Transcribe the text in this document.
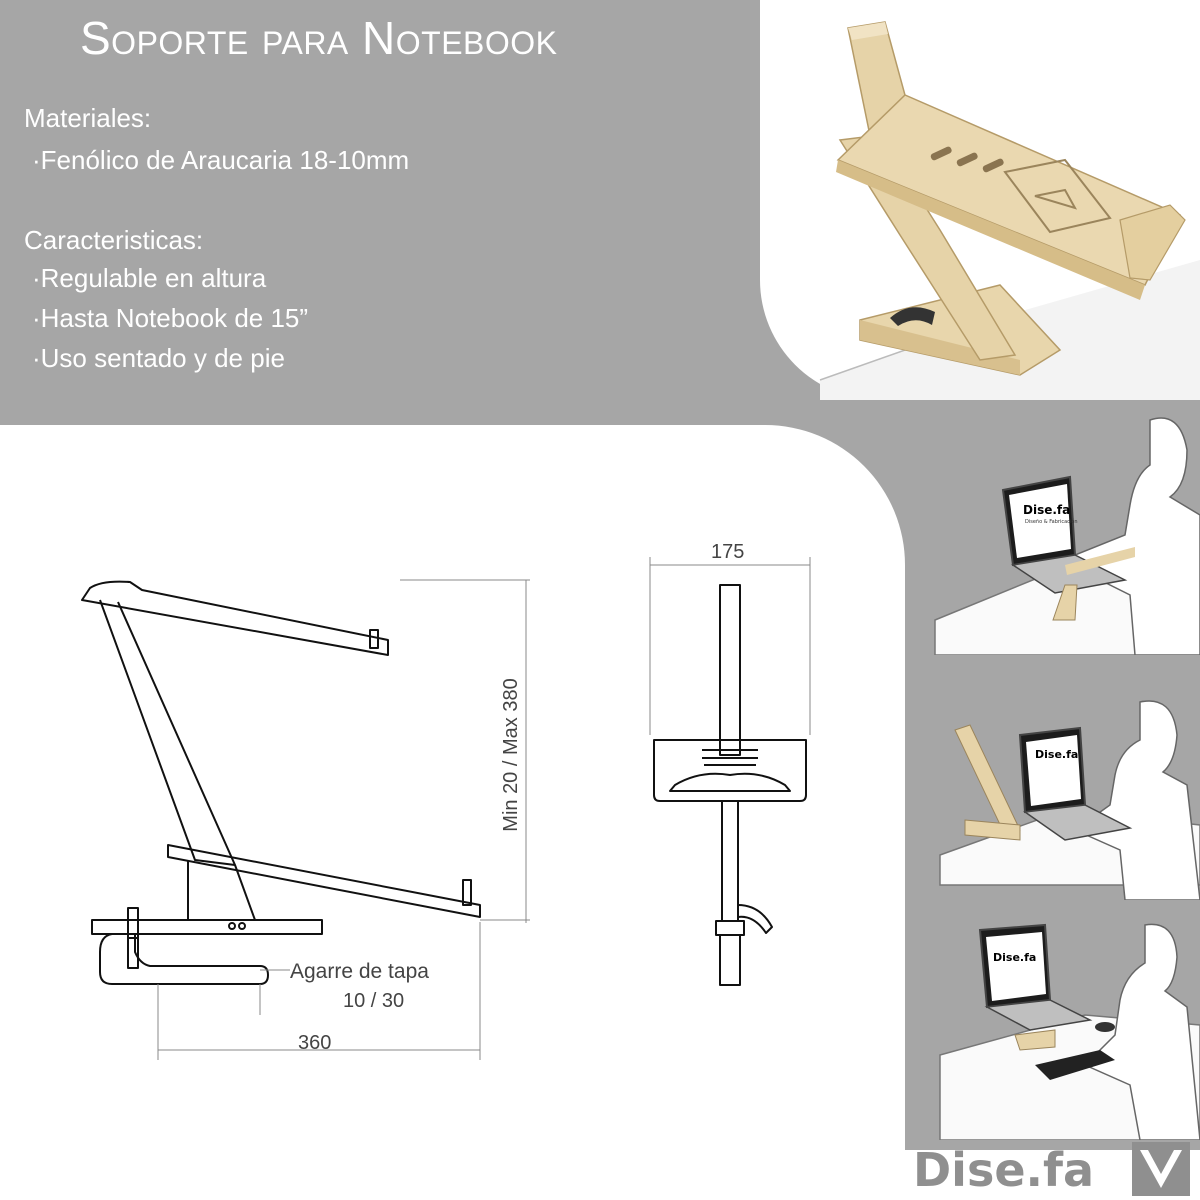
Soporte para Notebook
Materiales:
·Fenólico de Araucaria 18-10mm
Caracteristicas:
·Regulable en altura
·Hasta Notebook de 15”
·Uso sentado y de pie
360
Agarre de tapa
10 / 30
Min 20 / Max 380
175
Dise.fa
Diseño & Fabricación
Dise.fa
Dise.fa
Dise.fa
